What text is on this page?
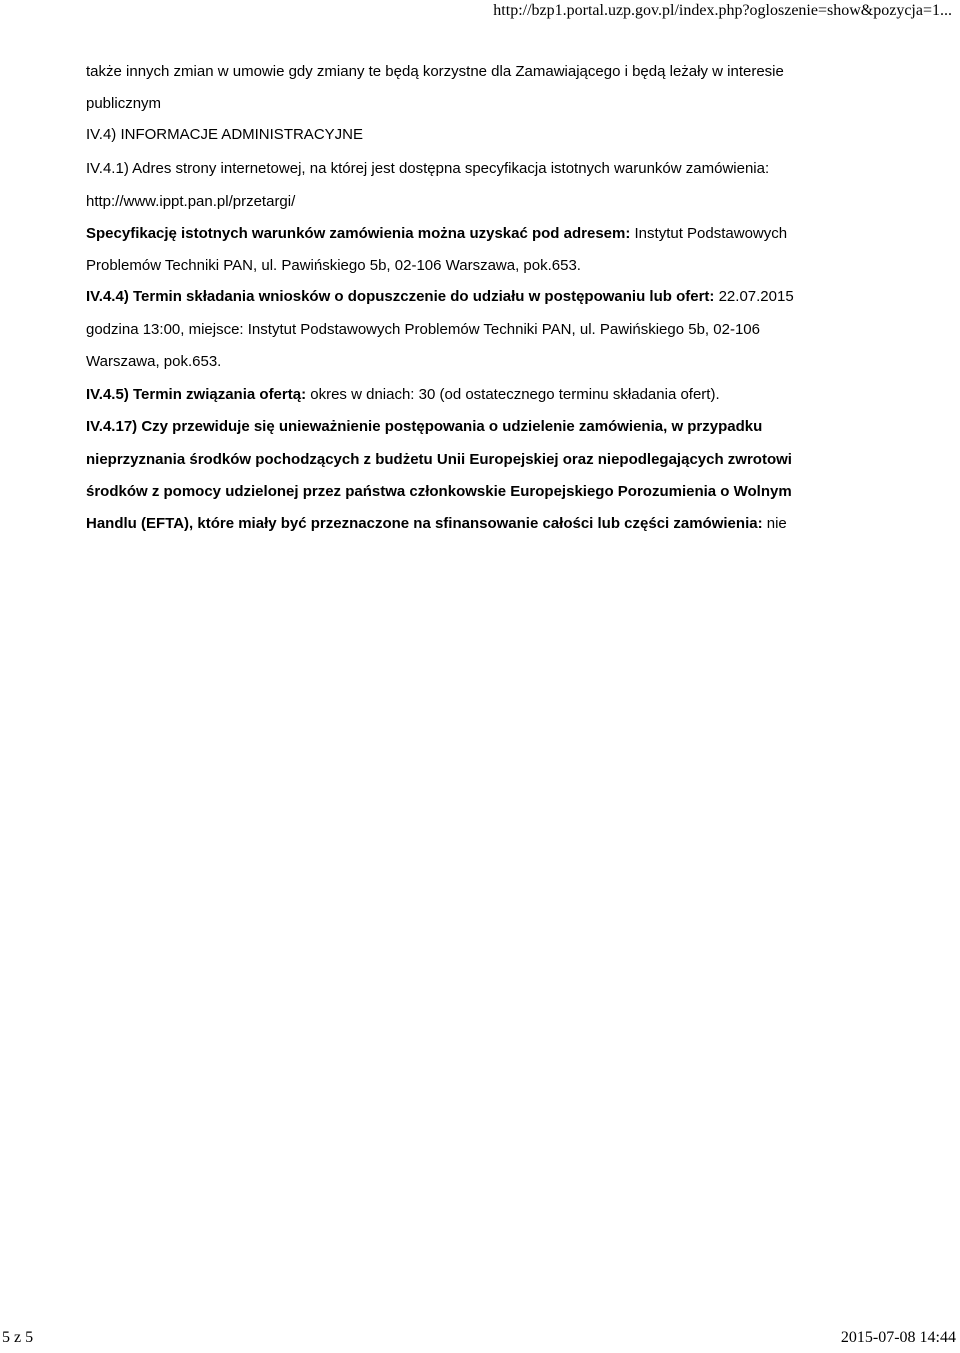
http://bzp1.portal.uzp.gov.pl/index.php?ogloszenie=show&pozycja=1...
także innych zmian w umowie gdy zmiany te będą korzystne dla Zamawiającego i będą leżały w interesie
publicznym
IV.4) INFORMACJE ADMINISTRACYJNE
IV.4.1) Adres strony internetowej, na której jest dostępna specyfikacja istotnych warunków zamówienia:
http://www.ippt.pan.pl/przetargi/
Specyfikację istotnych warunków zamówienia można uzyskać pod adresem: Instytut Podstawowych
Problemów Techniki PAN, ul. Pawińskiego 5b, 02-106 Warszawa, pok.653.
IV.4.4) Termin składania wniosków o dopuszczenie do udziału w postępowaniu lub ofert: 22.07.2015
godzina 13:00, miejsce: Instytut Podstawowych Problemów Techniki PAN, ul. Pawińskiego 5b, 02-106
Warszawa, pok.653.
IV.4.5) Termin związania ofertą: okres w dniach: 30 (od ostatecznego terminu składania ofert).
IV.4.17) Czy przewiduje się unieważnienie postępowania o udzielenie zamówienia, w przypadku
nieprzyznania środków pochodzących z budżetu Unii Europejskiej oraz niepodlegających zwrotowi
środków z pomocy udzielonej przez państwa członkowskie Europejskiego Porozumienia o Wolnym
Handlu (EFTA), które miały być przeznaczone na sfinansowanie całości lub części zamówienia: nie
5 z 5	2015-07-08 14:44
